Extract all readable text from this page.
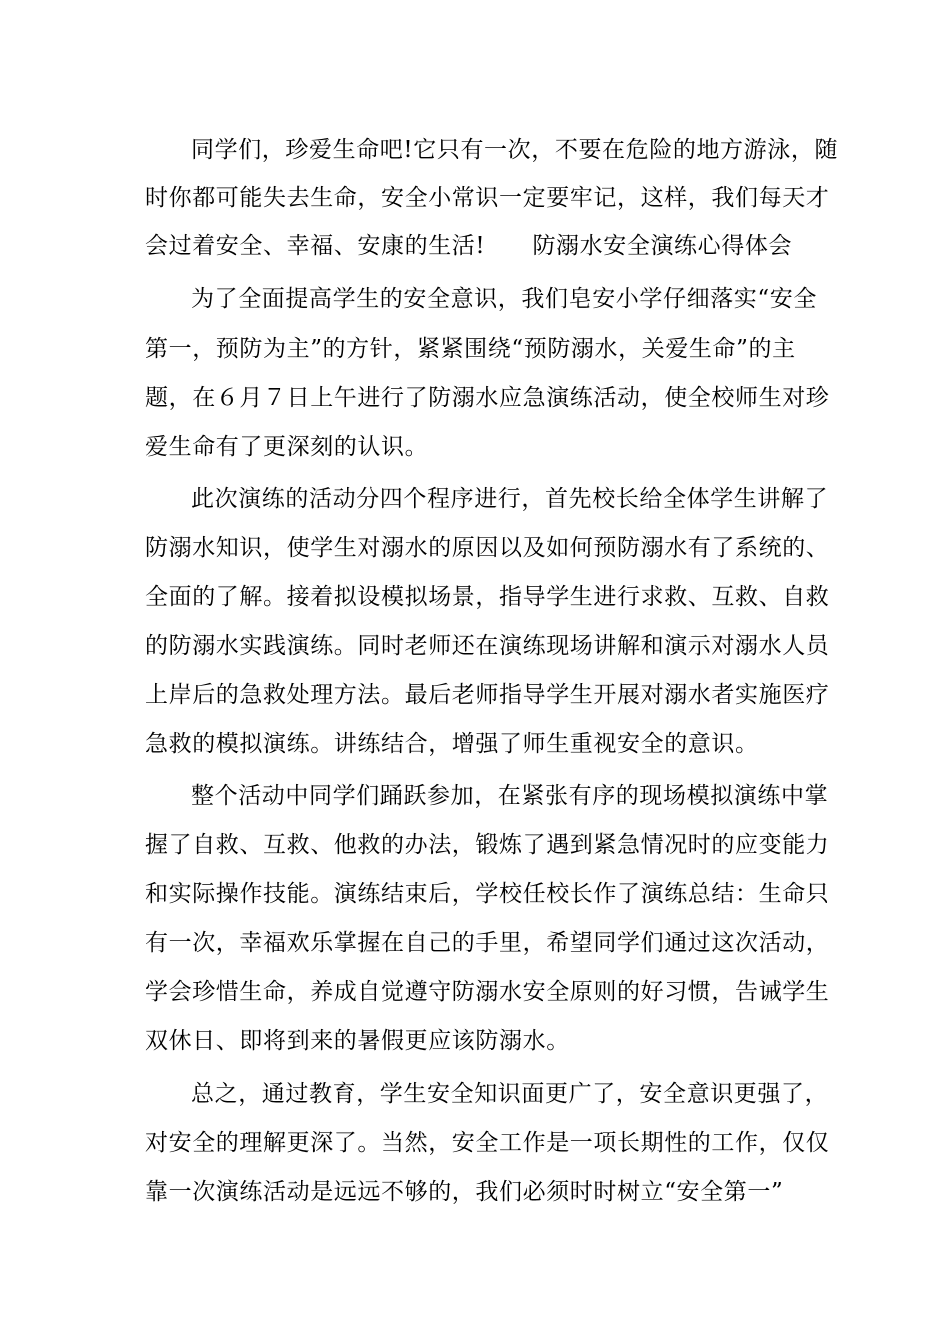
同学们，珍爱生命吧!它只有一次，不要在危险的地方游泳，随
时你都可能失去生命，安全小常识一定要牢记，这样，我们每天才
会过着安全、幸福、安康的生活!　　防溺水安全演练心得体会
为了全面提高学生的安全意识，我们皂安小学仔细落实“安全
第一，预防为主”的方针，紧紧围绕“预防溺水，关爱生命”的主
题，在６月７日上午进行了防溺水应急演练活动，使全校师生对珍
爱生命有了更深刻的认识。
此次演练的活动分四个程序进行，首先校长给全体学生讲解了
防溺水知识，使学生对溺水的原因以及如何预防溺水有了系统的、
全面的了解。接着拟设模拟场景，指导学生进行求救、互救、自救
的防溺水实践演练。同时老师还在演练现场讲解和演示对溺水人员
上岸后的急救处理方法。最后老师指导学生开展对溺水者实施医疗
急救的模拟演练。讲练结合，增强了师生重视安全的意识。
整个活动中同学们踊跃参加，在紧张有序的现场模拟演练中掌
握了自救、互救、他救的办法，锻炼了遇到紧急情况时的应变能力
和实际操作技能。演练结束后，学校任校长作了演练总结：生命只
有一次，幸福欢乐掌握在自己的手里，希望同学们通过这次活动，
学会珍惜生命，养成自觉遵守防溺水安全原则的好习惯，告诫学生
双休日、即将到来的暑假更应该防溺水。
总之，通过教育，学生安全知识面更广了，安全意识更强了，
对安全的理解更深了。当然，安全工作是一项长期性的工作，仅仅
靠一次演练活动是远远不够的，我们必须时时树立“安全第一”
